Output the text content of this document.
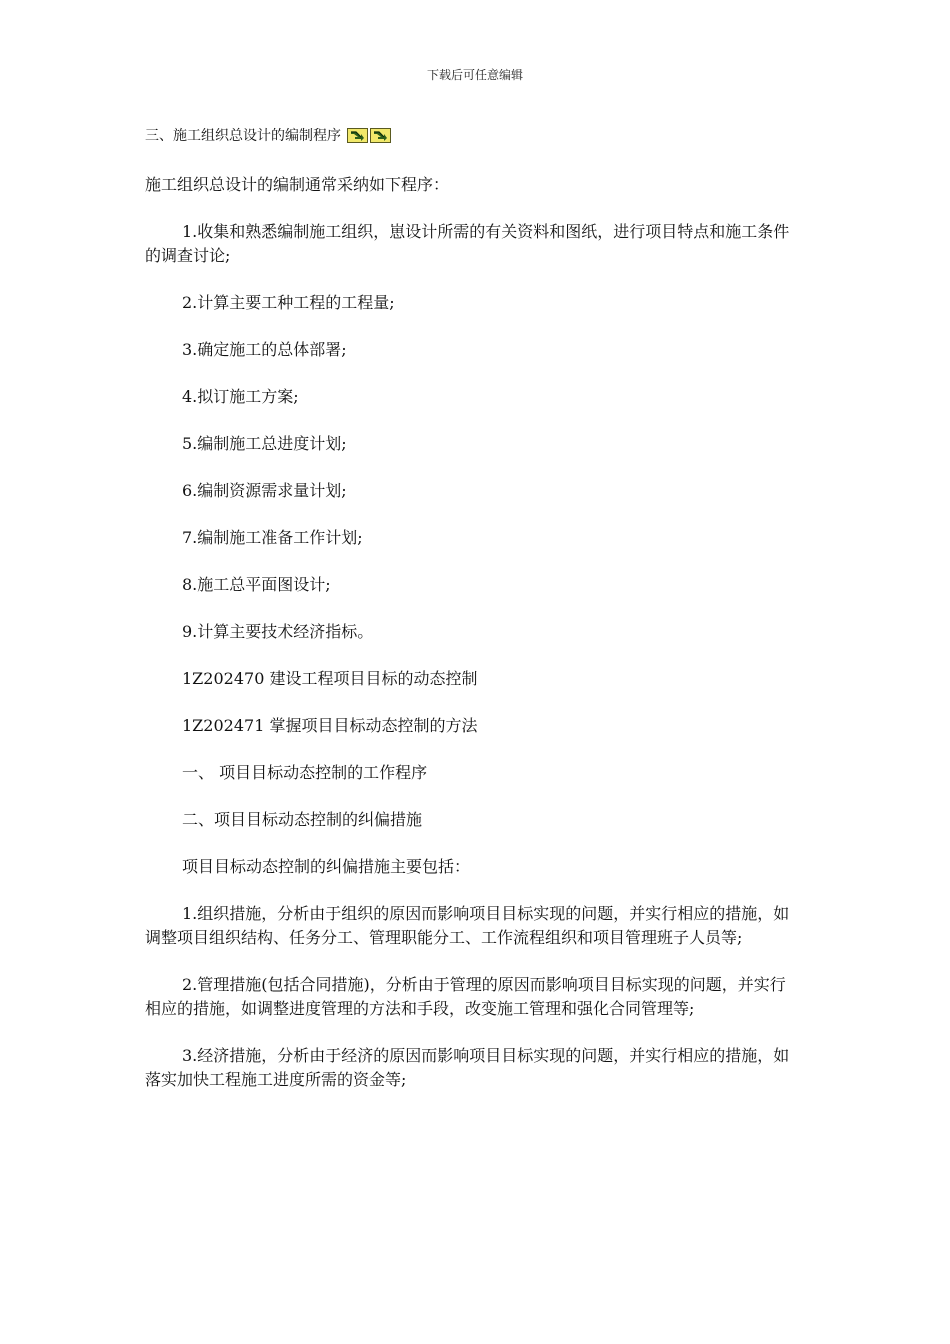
下载后可任意编辑
三、施工组织总设计的编制程序

施工组织总设计的编制通常采纳如下程序：

1.收集和熟悉编制施工组织，崽设计所需的有关资料和图纸，进行项目特点和施工条件的调查讨论;

2.计算主要工种工程的工程量;

3.确定施工的总体部署;

4.拟订施工方案;

5.编制施工总进度计划;

6.编制资源需求量计划;

7.编制施工准备工作计划;

8.施工总平面图设计;

9.计算主要技术经济指标。

1Z202470 建设工程项目目标的动态控制

1Z202471 掌握项目目标动态控制的方法

一、 项目目标动态控制的工作程序

二、项目目标动态控制的纠偏措施

项目目标动态控制的纠偏措施主要包括：

1.组织措施，分析由于组织的原因而影响项目目标实现的问题，并实行相应的措施，如调整项目组织结构、任务分工、管理职能分工、工作流程组织和项目管理班子人员等;

2.管理措施(包括合同措施)，分析由于管理的原因而影响项目目标实现的问题，并实行相应的措施，如调整进度管理的方法和手段，改变施工管理和强化合同管理等;

3.经济措施，分析由于经济的原因而影响项目目标实现的问题，并实行相应的措施，如落实加快工程施工进度所需的资金等;
